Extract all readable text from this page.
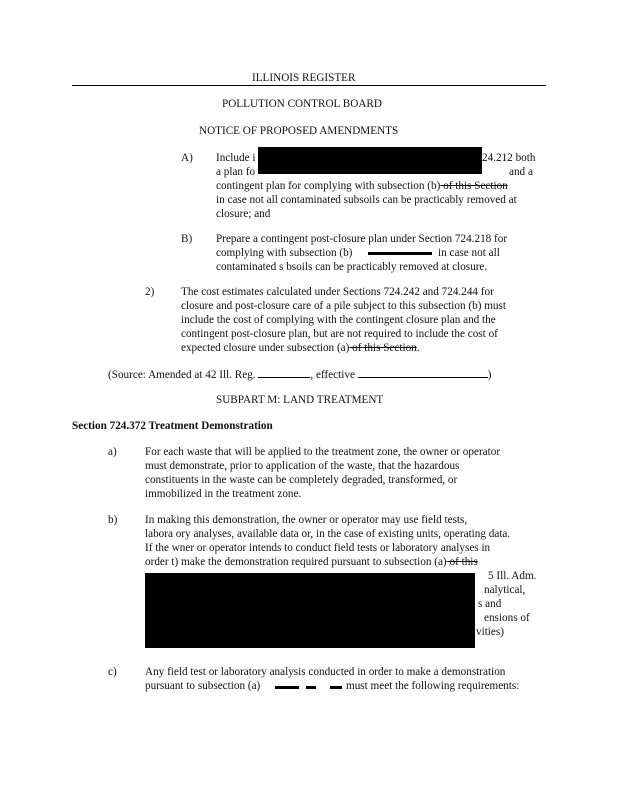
ILLINOIS REGISTER
POLLUTION CONTROL BOARD
NOTICE OF PROPOSED AMENDMENTS
A) Include i	24.212 both
a plan fo	and a
contingent plan for complying with subsection (b) of this Section
in case not all contaminated subsoils can be practicably removed at
closure; and
B) Prepare a contingent post-closure plan under Section 724.218 for
complying with subsection (b)	in case not all
contaminated s bsoils can be practicably removed at closure.
2) The cost estimates calculated under Sections 724.242 and 724.244 for
closure and post-closure care of a pile subject to this subsection (b) must
include the cost of complying with the contingent closure plan and the
contingent post-closure plan, but are not required to include the cost of
expected closure under subsection (a) of this Section.
(Source: Amended at 42 Ill. Reg.	, effective	)
SUBPART M: LAND TREATMENT
Section 724.372 Treatment Demonstration
a)	For each waste that will be applied to the treatment zone, the owner or operator
must demonstrate, prior to application of the waste, that the hazardous
constituents in the waste can be completely degraded, transformed, or
immobilized in the treatment zone.
b) In making this demonstration, the owner or operator may use field tests,
labora ory analyses, available data or, in the case of existing units, operating data.
If the wner or operator intends to conduct field tests or laboratory analyses in
order t) make the demonstration required pursuant to subsection (a) of this
5 Ill. Adm.
nalytical,
s and
ensions of
vities)
c)	Any field test or laboratory analysis conducted in order to make a demonstration
pursuant to subsection (a)	must meet the following requirements:
